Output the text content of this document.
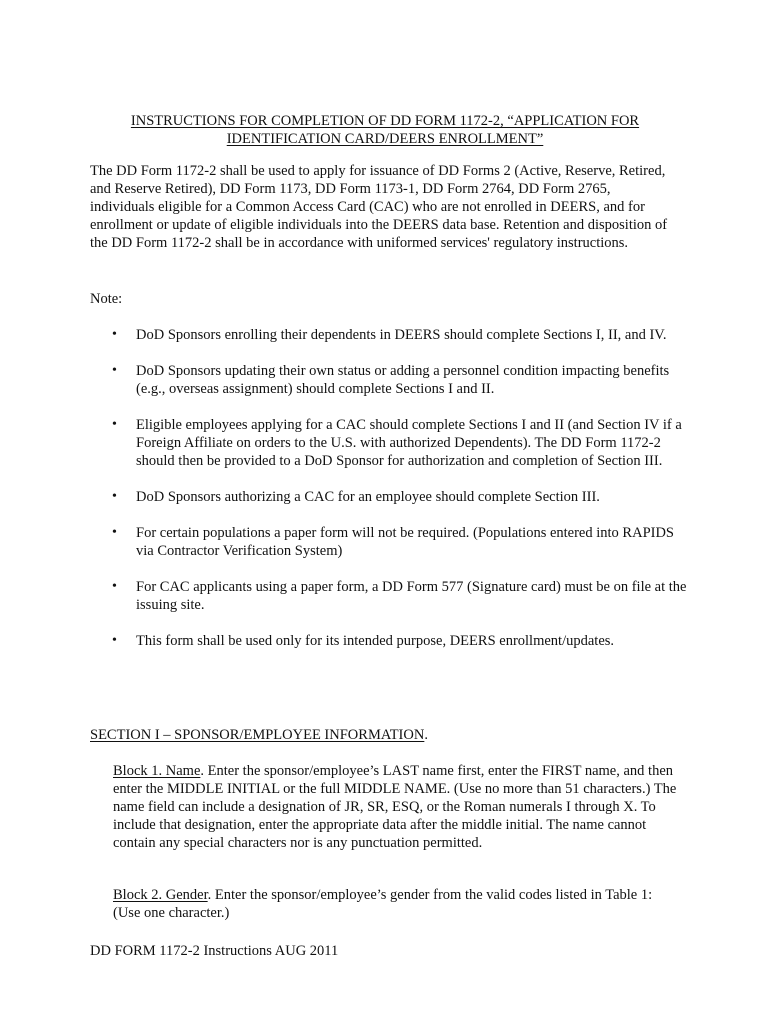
INSTRUCTIONS FOR COMPLETION OF DD FORM 1172-2, “APPLICATION FOR
IDENTIFICATION CARD/DEERS ENROLLMENT”

The DD Form 1172-2 shall be used to apply for issuance of DD Forms 2 (Active, Reserve, Retired, and Reserve Retired), DD Form 1173, DD Form 1173-1, DD Form 2764, DD Form 2765, individuals eligible for a Common Access Card (CAC) who are not enrolled in DEERS, and for enrollment or update of eligible individuals into the DEERS data base. Retention and disposition of the DD Form 1172-2 shall be in accordance with uniformed services' regulatory instructions.

Note:

• DoD Sponsors enrolling their dependents in DEERS should complete Sections I, II, and IV.
• DoD Sponsors updating their own status or adding a personnel condition impacting benefits (e.g., overseas assignment) should complete Sections I and II.
• Eligible employees applying for a CAC should complete Sections I and II (and Section IV if a Foreign Affiliate on orders to the U.S. with authorized Dependents). The DD Form 1172-2 should then be provided to a DoD Sponsor for authorization and completion of Section III.
• DoD Sponsors authorizing a CAC for an employee should complete Section III.
• For certain populations a paper form will not be required. (Populations entered into RAPIDS via Contractor Verification System)
• For CAC applicants using a paper form, a DD Form 577 (Signature card) must be on file at the issuing site.
• This form shall be used only for its intended purpose, DEERS enrollment/updates.

SECTION I – SPONSOR/EMPLOYEE INFORMATION.

Block 1. Name. Enter the sponsor/employee’s LAST name first, enter the FIRST name, and then enter the MIDDLE INITIAL or the full MIDDLE NAME. (Use no more than 51 characters.) The name field can include a designation of JR, SR, ESQ, or the Roman numerals I through X. To include that designation, enter the appropriate data after the middle initial. The name cannot contain any special characters nor is any punctuation permitted.

Block 2. Gender. Enter the sponsor/employee’s gender from the valid codes listed in Table 1: (Use one character.)

DD FORM 1172-2 Instructions AUG 2011
